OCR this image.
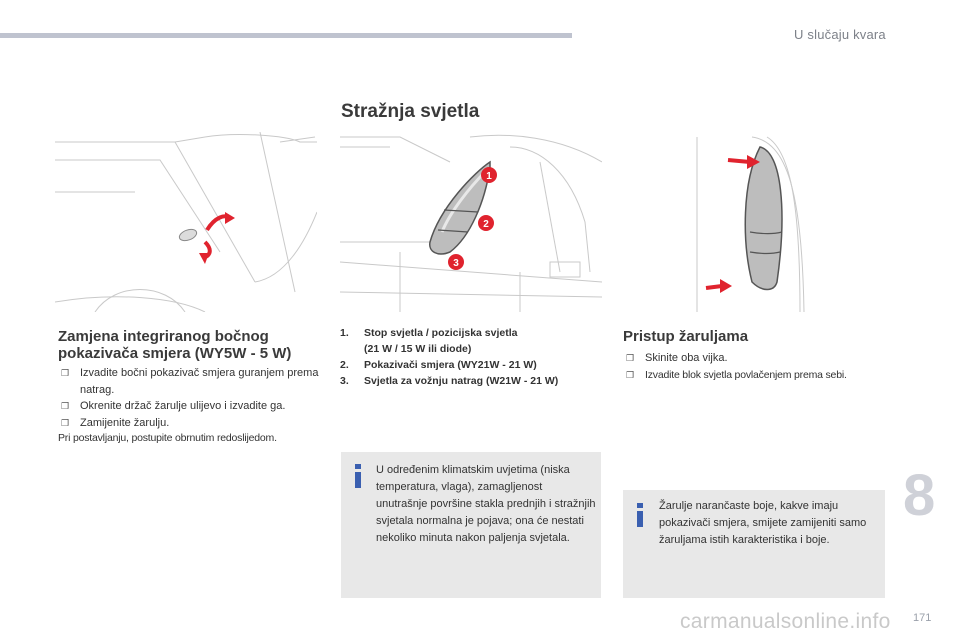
U slučaju kvara
Stražnja svjetla
1
2
3
Zamjena integriranog bočnog
pokazivača smjera (WY5W - 5 W)
❒ Izvadite bočni pokazivač smjera guranjem prema natrag.
❒ Okrenite držač žarulje ulijevo i izvadite ga.
❒ Zamijenite žarulju.
Pri postavljanju, postupite obrnutim redoslijedom.
1. Stop svjetla / pozicijska svjetla
(21 W / 15 W ili diode)
2. Pokazivači smjera (WY21W - 21 W)
3. Svjetla za vožnju natrag (W21W - 21 W)
U određenim klimatskim uvjetima (niska temperatura, vlaga), zamagljenost unutrašnje površine stakla prednjih i stražnjih svjetala normalna je pojava; ona će nestati nekoliko minuta nakon paljenja svjetala.
Pristup žaruljama
❒ Skinite oba vijka.
❒ Izvadite blok svjetla povlačenjem prema sebi.
Žarulje narančaste boje, kakve imaju pokazivači smjera, smijete zamijeniti samo žaruljama istih karakteristika i boje.
8
carmanualsonline.info 171
